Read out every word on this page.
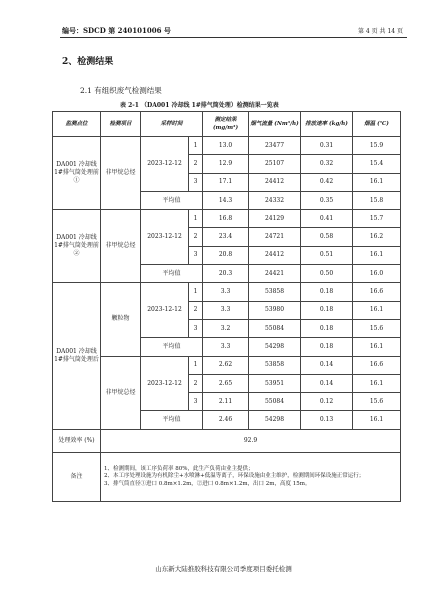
编号：SDCD 第 240101006 号	第 4 页 共 14 页
2、检测结果
2.1 有组织废气检测结果
表 2-1 （DA001 冷却线 1#排气筒处理）检测结果一览表
监测点位	检测项目	采样时间		测定结果 (mg/m³)	烟气流量 (Nm³/h)	排放速率 (kg/h)	烟温 (℃)
DA001 冷却线 1#排气筒处理前①	非甲烷总烃	2023-12-12	1	13.0	23477	0.31	15.9
			2	12.9	25107	0.32	15.4
			3	17.1	24412	0.42	16.1
		平均值		14.3	24332	0.35	15.8
DA001 冷却线 1#排气筒处理前②	非甲烷总烃	2023-12-12	1	16.8	24129	0.41	15.7
			2	23.4	24721	0.58	16.2
			3	20.8	24412	0.51	16.1
		平均值		20.3	24421	0.50	16.0
DA001 冷却线 1#排气筒处理后	颗粒物	2023-12-12	1	3.3	53858	0.18	16.6
			2	3.3	53980	0.18	16.1
			3	3.2	55084	0.18	15.6
		平均值		3.3	54298	0.18	16.1
	非甲烷总烃	2023-12-12	1	2.62	53858	0.14	16.6
			2	2.65	53951	0.14	16.1
			3	2.11	55084	0.12	15.6
		平均值		2.46	54298	0.13	16.1
处理效率 (%)	92.9						
备注	1、检测期间，该工序负荷率 80%，此生产负荷由业主提供；
2、本工序处理设施为有机除尘+水喷淋+低温等离子，环保设施由业主维护，检测期间环保设施正常运行；
3、排气筒直径①进口 0.8m×1.2m，②进口 0.8m×1.2m，出口 2m，高度 15m。						
山东新大陆推胶科技有限公司季度项目委托检测
